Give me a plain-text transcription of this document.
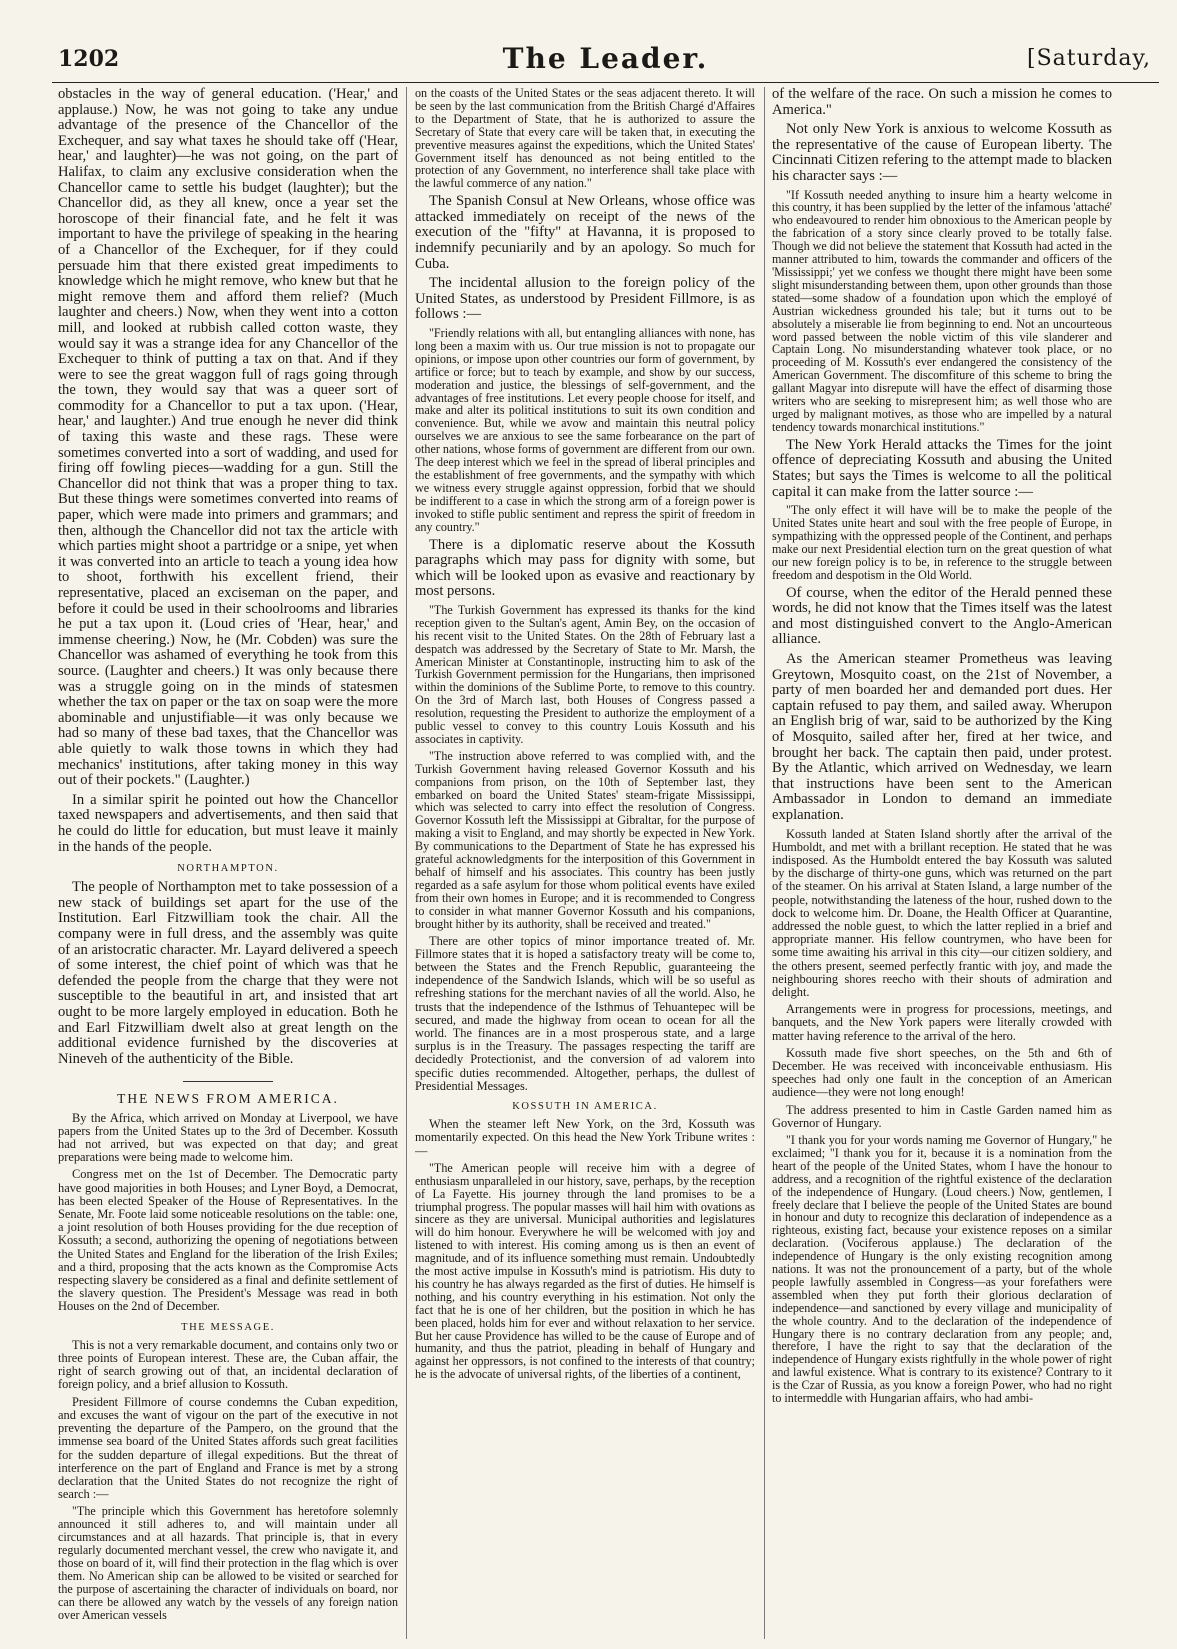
1202	The Leader.	[Saturday,

obstacles in the way of general education. ('Hear,' and applause.) Now, he was not going to take any undue advantage of the presence of the Chancellor of the Exchequer, and say what taxes he should take off ('Hear, hear,' and laughter)—he was not going, on the part of Halifax, to claim any exclusive consideration when the Chancellor came to settle his budget (laughter); but the Chancellor did, as they all knew, once a year set the horoscope of their financial fate, and he felt it was important to have the privilege of speaking in the hearing of a Chancellor of the Exchequer, for if they could persuade him that there existed great impediments to knowledge which he might remove, who knew but that he might remove them and afford them relief? (Much laughter and cheers.) Now, when they went into a cotton mill, and looked at rubbish called cotton waste, they would say it was a strange idea for any Chancellor of the Exchequer to think of putting a tax on that. And if they were to see the great waggon full of rags going through the town, they would say that was a queer sort of commodity for a Chancellor to put a tax upon. ('Hear, hear,' and laughter.) And true enough he never did think of taxing this waste and these rags. These were sometimes converted into a sort of wadding, and used for firing off fowling pieces—wadding for a gun. Still the Chancellor did not think that was a proper thing to tax. But these things were sometimes converted into reams of paper, which were made into primers and grammars; and then, although the Chancellor did not tax the article with which parties might shoot a partridge or a snipe, yet when it was converted into an article to teach a young idea how to shoot, forthwith his excellent friend, their representative, placed an exciseman on the paper, and before it could be used in their schoolrooms and libraries he put a tax upon it. (Loud cries of 'Hear, hear,' and immense cheering.) Now, he (Mr. Cobden) was sure the Chancellor was ashamed of everything he took from this source. (Laughter and cheers.) It was only because there was a struggle going on in the minds of statesmen whether the tax on paper or the tax on soap were the more abominable and unjustifiable—it was only because we had so many of these bad taxes, that the Chancellor was able quietly to walk those towns in which they had mechanics' institutions, after taking money in this way out of their pockets." (Laughter.)

In a similar spirit he pointed out how the Chancellor taxed newspapers and advertisements, and then said that he could do little for education, but must leave it mainly in the hands of the people.

NORTHAMPTON.

The people of Northampton met to take possession of a new stack of buildings set apart for the use of the Institution. Earl Fitzwilliam took the chair. All the company were in full dress, and the assembly was quite of an aristocratic character. Mr. Layard delivered a speech of some interest, the chief point of which was that he defended the people from the charge that they were not susceptible to the beautiful in art, and insisted that art ought to be more largely employed in education. Both he and Earl Fitzwilliam dwelt also at great length on the additional evidence furnished by the discoveries at Nineveh of the authenticity of the Bible.

THE NEWS FROM AMERICA.

By the Africa, which arrived on Monday at Liverpool, we have papers from the United States up to the 3rd of December. Kossuth had not arrived, but was expected on that day; and great preparations were being made to welcome him.

Congress met on the 1st of December. The Democratic party have good majorities in both Houses; and Lyner Boyd, a Democrat, has been elected Speaker of the House of Representatives. In the Senate, Mr. Foote laid some noticeable resolutions on the table: one, a joint resolution of both Houses providing for the due reception of Kossuth; a second, authorizing the opening of negotiations between the United States and England for the liberation of the Irish Exiles; and a third, proposing that the acts known as the Compromise Acts respecting slavery be considered as a final and definite settlement of the slavery question. The President's Message was read in both Houses on the 2nd of December.

THE MESSAGE.

This is not a very remarkable document, and contains only two or three points of European interest. These are, the Cuban affair, the right of search growing out of that, an incidental declaration of foreign policy, and a brief allusion to Kossuth.

President Fillmore of course condemns the Cuban expedition, and excuses the want of vigour on the part of the executive in not preventing the departure of the Pampero, on the ground that the immense sea board of the United States affords such great facilities for the sudden departure of illegal expeditions. But the threat of interference on the part of England and France is met by a strong declaration that the United States do not recognize the right of search :—

"The principle which this Government has heretofore solemnly announced it still adheres to, and will maintain under all circumstances and at all hazards. That principle is, that in every regularly documented merchant vessel, the crew who navigate it, and those on board of it, will find their protection in the flag which is over them. No American ship can be allowed to be visited or searched for the purpose of ascertaining the character of individuals on board, nor can there be allowed any watch by the vessels of any foreign nation over American vessels

on the coasts of the United States or the seas adjacent thereto. It will be seen by the last communication from the British Chargé d'Affaires to the Department of State, that he is authorized to assure the Secretary of State that every care will be taken that, in executing the preventive measures against the expeditions, which the United States' Government itself has denounced as not being entitled to the protection of any Government, no interference shall take place with the lawful commerce of any nation."

The Spanish Consul at New Orleans, whose office was attacked immediately on receipt of the news of the execution of the "fifty" at Havanna, it is proposed to indemnify pecuniarily and by an apology. So much for Cuba.

The incidental allusion to the foreign policy of the United States, as understood by President Fillmore, is as follows :—

"Friendly relations with all, but entangling alliances with none, has long been a maxim with us. Our true mission is not to propagate our opinions, or impose upon other countries our form of government, by artifice or force; but to teach by example, and show by our success, moderation and justice, the blessings of self-government, and the advantages of free institutions. Let every people choose for itself, and make and alter its political institutions to suit its own condition and convenience. But, while we avow and maintain this neutral policy ourselves we are anxious to see the same forbearance on the part of other nations, whose forms of government are different from our own. The deep interest which we feel in the spread of liberal principles and the establishment of free governments, and the sympathy with which we witness every struggle against oppression, forbid that we should be indifferent to a case in which the strong arm of a foreign power is invoked to stifle public sentiment and repress the spirit of freedom in any country."

There is a diplomatic reserve about the Kossuth paragraphs which may pass for dignity with some, but which will be looked upon as evasive and reactionary by most persons.

"The Turkish Government has expressed its thanks for the kind reception given to the Sultan's agent, Amin Bey, on the occasion of his recent visit to the United States. On the 28th of February last a despatch was addressed by the Secretary of State to Mr. Marsh, the American Minister at Constantinople, instructing him to ask of the Turkish Government permission for the Hungarians, then imprisoned within the dominions of the Sublime Porte, to remove to this country. On the 3rd of March last, both Houses of Congress passed a resolution, requesting the President to authorize the employment of a public vessel to convey to this country Louis Kossuth and his associates in captivity.

"The instruction above referred to was complied with, and the Turkish Government having released Governor Kossuth and his companions from prison, on the 10th of September last, they embarked on board the United States' steam-frigate Mississippi, which was selected to carry into effect the resolution of Congress. Governor Kossuth left the Mississippi at Gibraltar, for the purpose of making a visit to England, and may shortly be expected in New York. By communications to the Department of State he has expressed his grateful acknowledgments for the interposition of this Government in behalf of himself and his associates. This country has been justly regarded as a safe asylum for those whom political events have exiled from their own homes in Europe; and it is recommended to Congress to consider in what manner Governor Kossuth and his companions, brought hither by its authority, shall be received and treated."

There are other topics of minor importance treated of. Mr. Fillmore states that it is hoped a satisfactory treaty will be come to, between the States and the French Republic, guaranteeing the independence of the Sandwich Islands, which will be so useful as refreshing stations for the merchant navies of all the world. Also, he trusts that the independence of the Isthmus of Tehuantepec will be secured, and made the highway from ocean to ocean for all the world. The finances are in a most prosperous state, and a large surplus is in the Treasury. The passages respecting the tariff are decidedly Protectionist, and the conversion of ad valorem into specific duties recommended. Altogether, perhaps, the dullest of Presidential Messages.

KOSSUTH IN AMERICA.

When the steamer left New York, on the 3rd, Kossuth was momentarily expected. On this head the New York Tribune writes :—

"The American people will receive him with a degree of enthusiasm unparalleled in our history, save, perhaps, by the reception of La Fayette. His journey through the land promises to be a triumphal progress. The popular masses will hail him with ovations as sincere as they are universal. Municipal authorities and legislatures will do him honour. Everywhere he will be welcomed with joy and listened to with interest. His coming among us is then an event of magnitude, and of its influence something must remain. Undoubtedly the most active impulse in Kossuth's mind is patriotism. His duty to his country he has always regarded as the first of duties. He himself is nothing, and his country everything in his estimation. Not only the fact that he is one of her children, but the position in which he has been placed, holds him for ever and without relaxation to her service. But her cause Providence has willed to be the cause of Europe and of humanity, and thus the patriot, pleading in behalf of Hungary and against her oppressors, is not confined to the interests of that country; he is the advocate of universal rights, of the liberties of a continent,

of the welfare of the race. On such a mission he comes to America."

Not only New York is anxious to welcome Kossuth as the representative of the cause of European liberty. The Cincinnati Citizen refering to the attempt made to blacken his character says :—

"If Kossuth needed anything to insure him a hearty welcome in this country, it has been supplied by the letter of the infamous 'attaché' who endeavoured to render him obnoxious to the American people by the fabrication of a story since clearly proved to be totally false. Though we did not believe the statement that Kossuth had acted in the manner attributed to him, towards the commander and officers of the 'Mississippi;' yet we confess we thought there might have been some slight misunderstanding between them, upon other grounds than those stated—some shadow of a foundation upon which the employé of Austrian wickedness grounded his tale; but it turns out to be absolutely a miserable lie from beginning to end. Not an uncourteous word passed between the noble victim of this vile slanderer and Captain Long. No misunderstanding whatever took place, or no proceeding of M. Kossuth's ever endangered the consistency of the American Government. The discomfiture of this scheme to bring the gallant Magyar into disrepute will have the effect of disarming those writers who are seeking to misrepresent him; as well those who are urged by malignant motives, as those who are impelled by a natural tendency towards monarchical institutions."

The New York Herald attacks the Times for the joint offence of depreciating Kossuth and abusing the United States; but says the Times is welcome to all the political capital it can make from the latter source :—

"The only effect it will have will be to make the people of the United States unite heart and soul with the free people of Europe, in sympathizing with the oppressed people of the Continent, and perhaps make our next Presidential election turn on the great question of what our new foreign policy is to be, in reference to the struggle between freedom and despotism in the Old World.

Of course, when the editor of the Herald penned these words, he did not know that the Times itself was the latest and most distinguished convert to the Anglo-American alliance.

As the American steamer Prometheus was leaving Greytown, Mosquito coast, on the 21st of November, a party of men boarded her and demanded port dues. Her captain refused to pay them, and sailed away. Wherupon an English brig of war, said to be authorized by the King of Mosquito, sailed after her, fired at her twice, and brought her back. The captain then paid, under protest. By the Atlantic, which arrived on Wednesday, we learn that instructions have been sent to the American Ambassador in London to demand an immediate explanation.

Kossuth landed at Staten Island shortly after the arrival of the Humboldt, and met with a brillant reception. He stated that he was indisposed. As the Humboldt entered the bay Kossuth was saluted by the discharge of thirty-one guns, which was returned on the part of the steamer. On his arrival at Staten Island, a large number of the people, notwithstanding the lateness of the hour, rushed down to the dock to welcome him. Dr. Doane, the Health Officer at Quarantine, addressed the noble guest, to which the latter replied in a brief and appropriate manner. His fellow countrymen, who have been for some time awaiting his arrival in this city—our citizen soldiery, and the others present, seemed perfectly frantic with joy, and made the neighbouring shores reecho with their shouts of admiration and delight.

Arrangements were in progress for processions, meetings, and banquets, and the New York papers were literally crowded with matter having reference to the arrival of the hero.

Kossuth made five short speeches, on the 5th and 6th of December. He was received with inconceivable enthusiasm. His speeches had only one fault in the conception of an American audience—they were not long enough!

The address presented to him in Castle Garden named him as Governor of Hungary.

"I thank you for your words naming me Governor of Hungary," he exclaimed; "I thank you for it, because it is a nomination from the heart of the people of the United States, whom I have the honour to address, and a recognition of the rightful existence of the declaration of the independence of Hungary. (Loud cheers.) Now, gentlemen, I freely declare that I believe the people of the United States are bound in honour and duty to recognize this declaration of independence as a righteous, existing fact, because your existence reposes on a similar declaration. (Vociferous applause.) The declaration of the independence of Hungary is the only existing recognition among nations. It was not the pronouncement of a party, but of the whole people lawfully assembled in Congress—as your forefathers were assembled when they put forth their glorious declaration of independence—and sanctioned by every village and municipality of the whole country. And to the declaration of the independence of Hungary there is no contrary declaration from any people; and, therefore, I have the right to say that the declaration of the independence of Hungary exists rightfully in the whole power of right and lawful existence. What is contrary to its existence? Contrary to it is the Czar of Russia, as you know a foreign Power, who had no right to intermeddle with Hungarian affairs, who had ambi-
